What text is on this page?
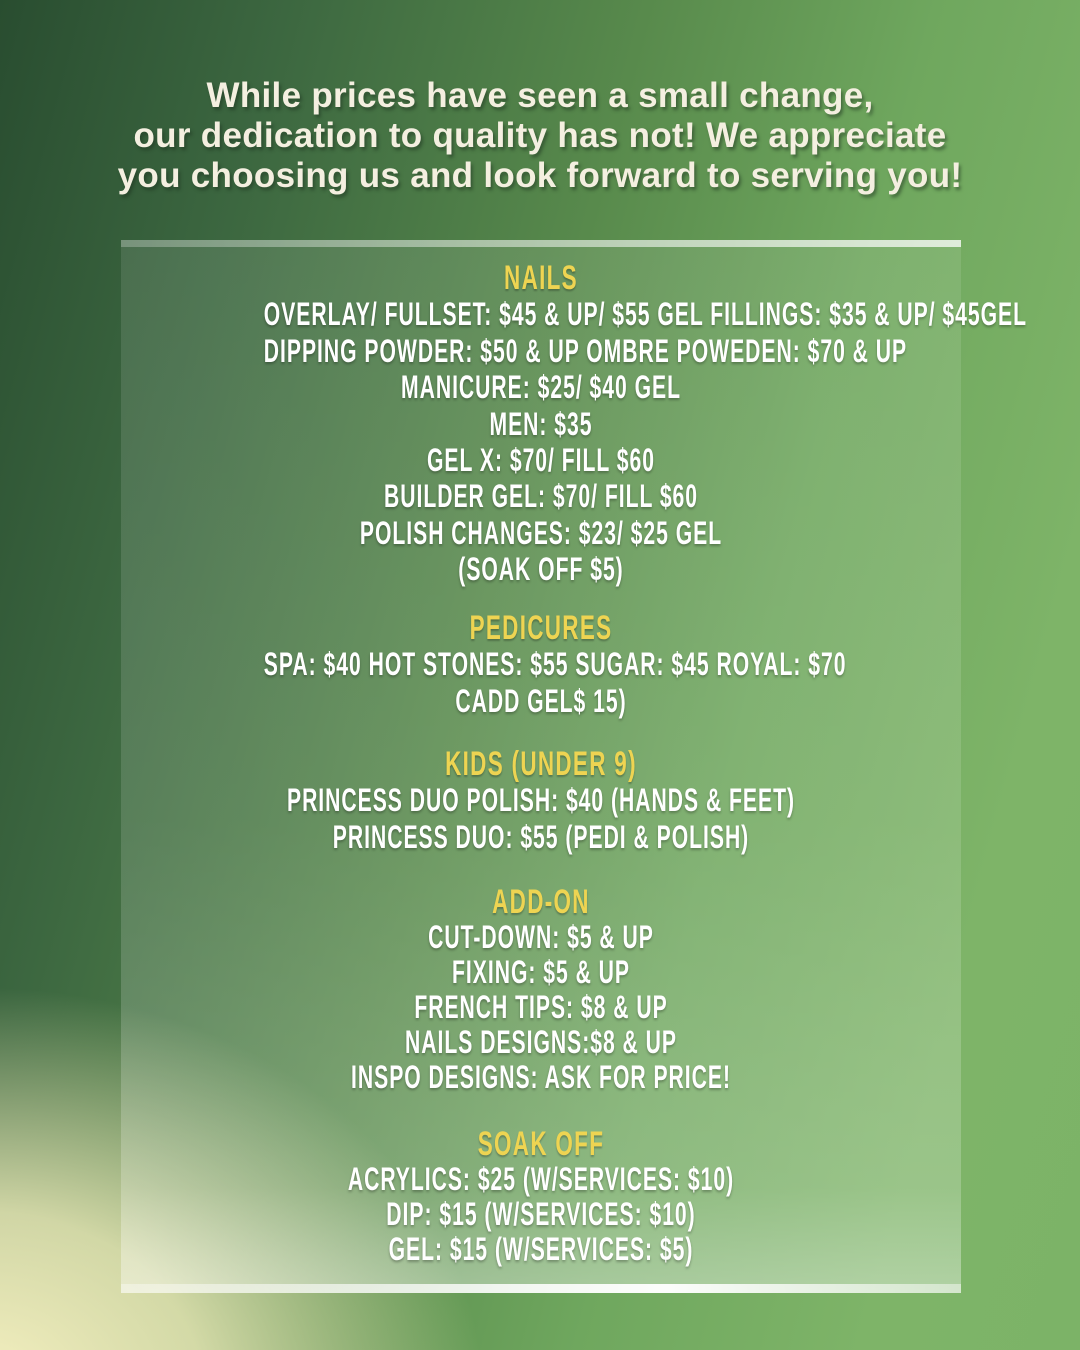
While prices have seen a small change,
our dedication to quality has not! We appreciate
you choosing us and look forward to serving you!
NAILS
OVERLAY/ FULLSET: $45 & UP/ $55 GEL FILLINGS: $35 & UP/ $45GEL
DIPPING POWDER: $50 & UP OMBRE POWEDEN: $70 & UP
MANICURE: $25/ $40 GEL
MEN: $35
GEL X: $70/ FILL $60
BUILDER GEL: $70/ FILL $60
POLISH CHANGES: $23/ $25 GEL
(SOAK OFF $5)
PEDICURES
SPA: $40 HOT STONES: $55 SUGAR: $45 ROYAL: $70
CADD GEL$ 15)
KIDS (UNDER 9)
PRINCESS DUO POLISH: $40 (HANDS & FEET)
PRINCESS DUO: $55 (PEDI & POLISH)
ADD-ON
CUT-DOWN: $5 & UP
FIXING: $5 & UP
FRENCH TIPS: $8 & UP
NAILS DESIGNS:$8 & UP
INSPO DESIGNS: ASK FOR PRICE!
SOAK OFF
ACRYLICS: $25 (W/SERVICES: $10)
DIP: $15 (W/SERVICES: $10)
GEL: $15 (W/SERVICES: $5)
